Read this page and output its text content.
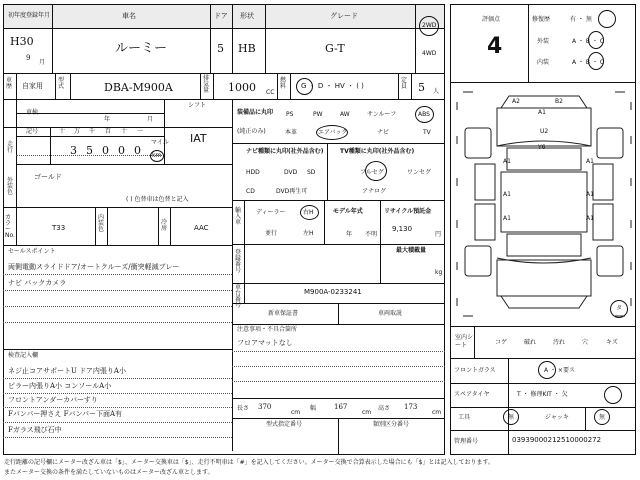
初年度登録年月	車名	ドア 形状	グレード
H30
9
月
ルーミー	5 HB	G-T
2WD
4WD
車歴 自家用
型式	DBA-M900A
排気量 1000 CC
燃料 G ・ D ・ HV ・ ( )
定員 5 人
車検
年	月
シフト
IAT
走行
記号	十 万 千 百 十 一
3 5 0 0 0
マイル
km
外装色
ゴールド
( ) 色替車は色替と記入
カラーNo.
T33
内装色
冷房	AAC
セールスポイント
両側電動スライドドア/オートクルーズ/衝突軽減ブレー
ナビ バックカメラ
検査記入欄
ネジ止コアサポートU ドア内張りA小
ピラー内張りA小 コンソールA小
フロントアンダーカバーすり
Fバンパー押さえ Fバンパー下面A有
Fガラス飛び石中
装備品に丸印
(純正のみ)
PS	PW	AW	サンルーフ	ABS
本革	エアバック	ナビ	TV
ナビ種類に丸印(社外品含む)
HDD	DVD SD
CD	DVD再生可
TV種類に丸印(社外品含む)
フルセグ	ワンセグ
アナログ
輸入車
ディーラー	右H
並行	左H
モデル年式
年 不明
リサイクル預託金
9,130
円
最大積載量
kg
登録番号
車台番号
M900A-0233241
新車保証書	車両取説
注意事項・不具合箇所
フロアマットなし
長さ 370
cm
幅	167
cm
高さ 173
cm
型式指定番号	類別区分番号
評価点
4
修復歴	有 ・ 無
外装	A ・ B ・ C
内装	A ・ B ・ C
A2	B2
A1
U2
Y6
A1	A1
A1	A1
A1	A1
タ
室内シート	コゲ	破れ	汚れ	穴	キズ
フロントガラス	A ・ ×要ス
スペアタイヤ	T ・ 修理KIT ・ 欠
工具	無	ジャッキ	無
管理番号	0393900021251000027​2
走行距離の記号欄にメーター改ざん車は「$」、メーター交換車は「$」、走行不明車は「#」を記入してください。メーター交換で合算表示した場合にも「$」とは記入しております。
またメーター交換の条件を満たしていないものはメーター改ざん車とします。
